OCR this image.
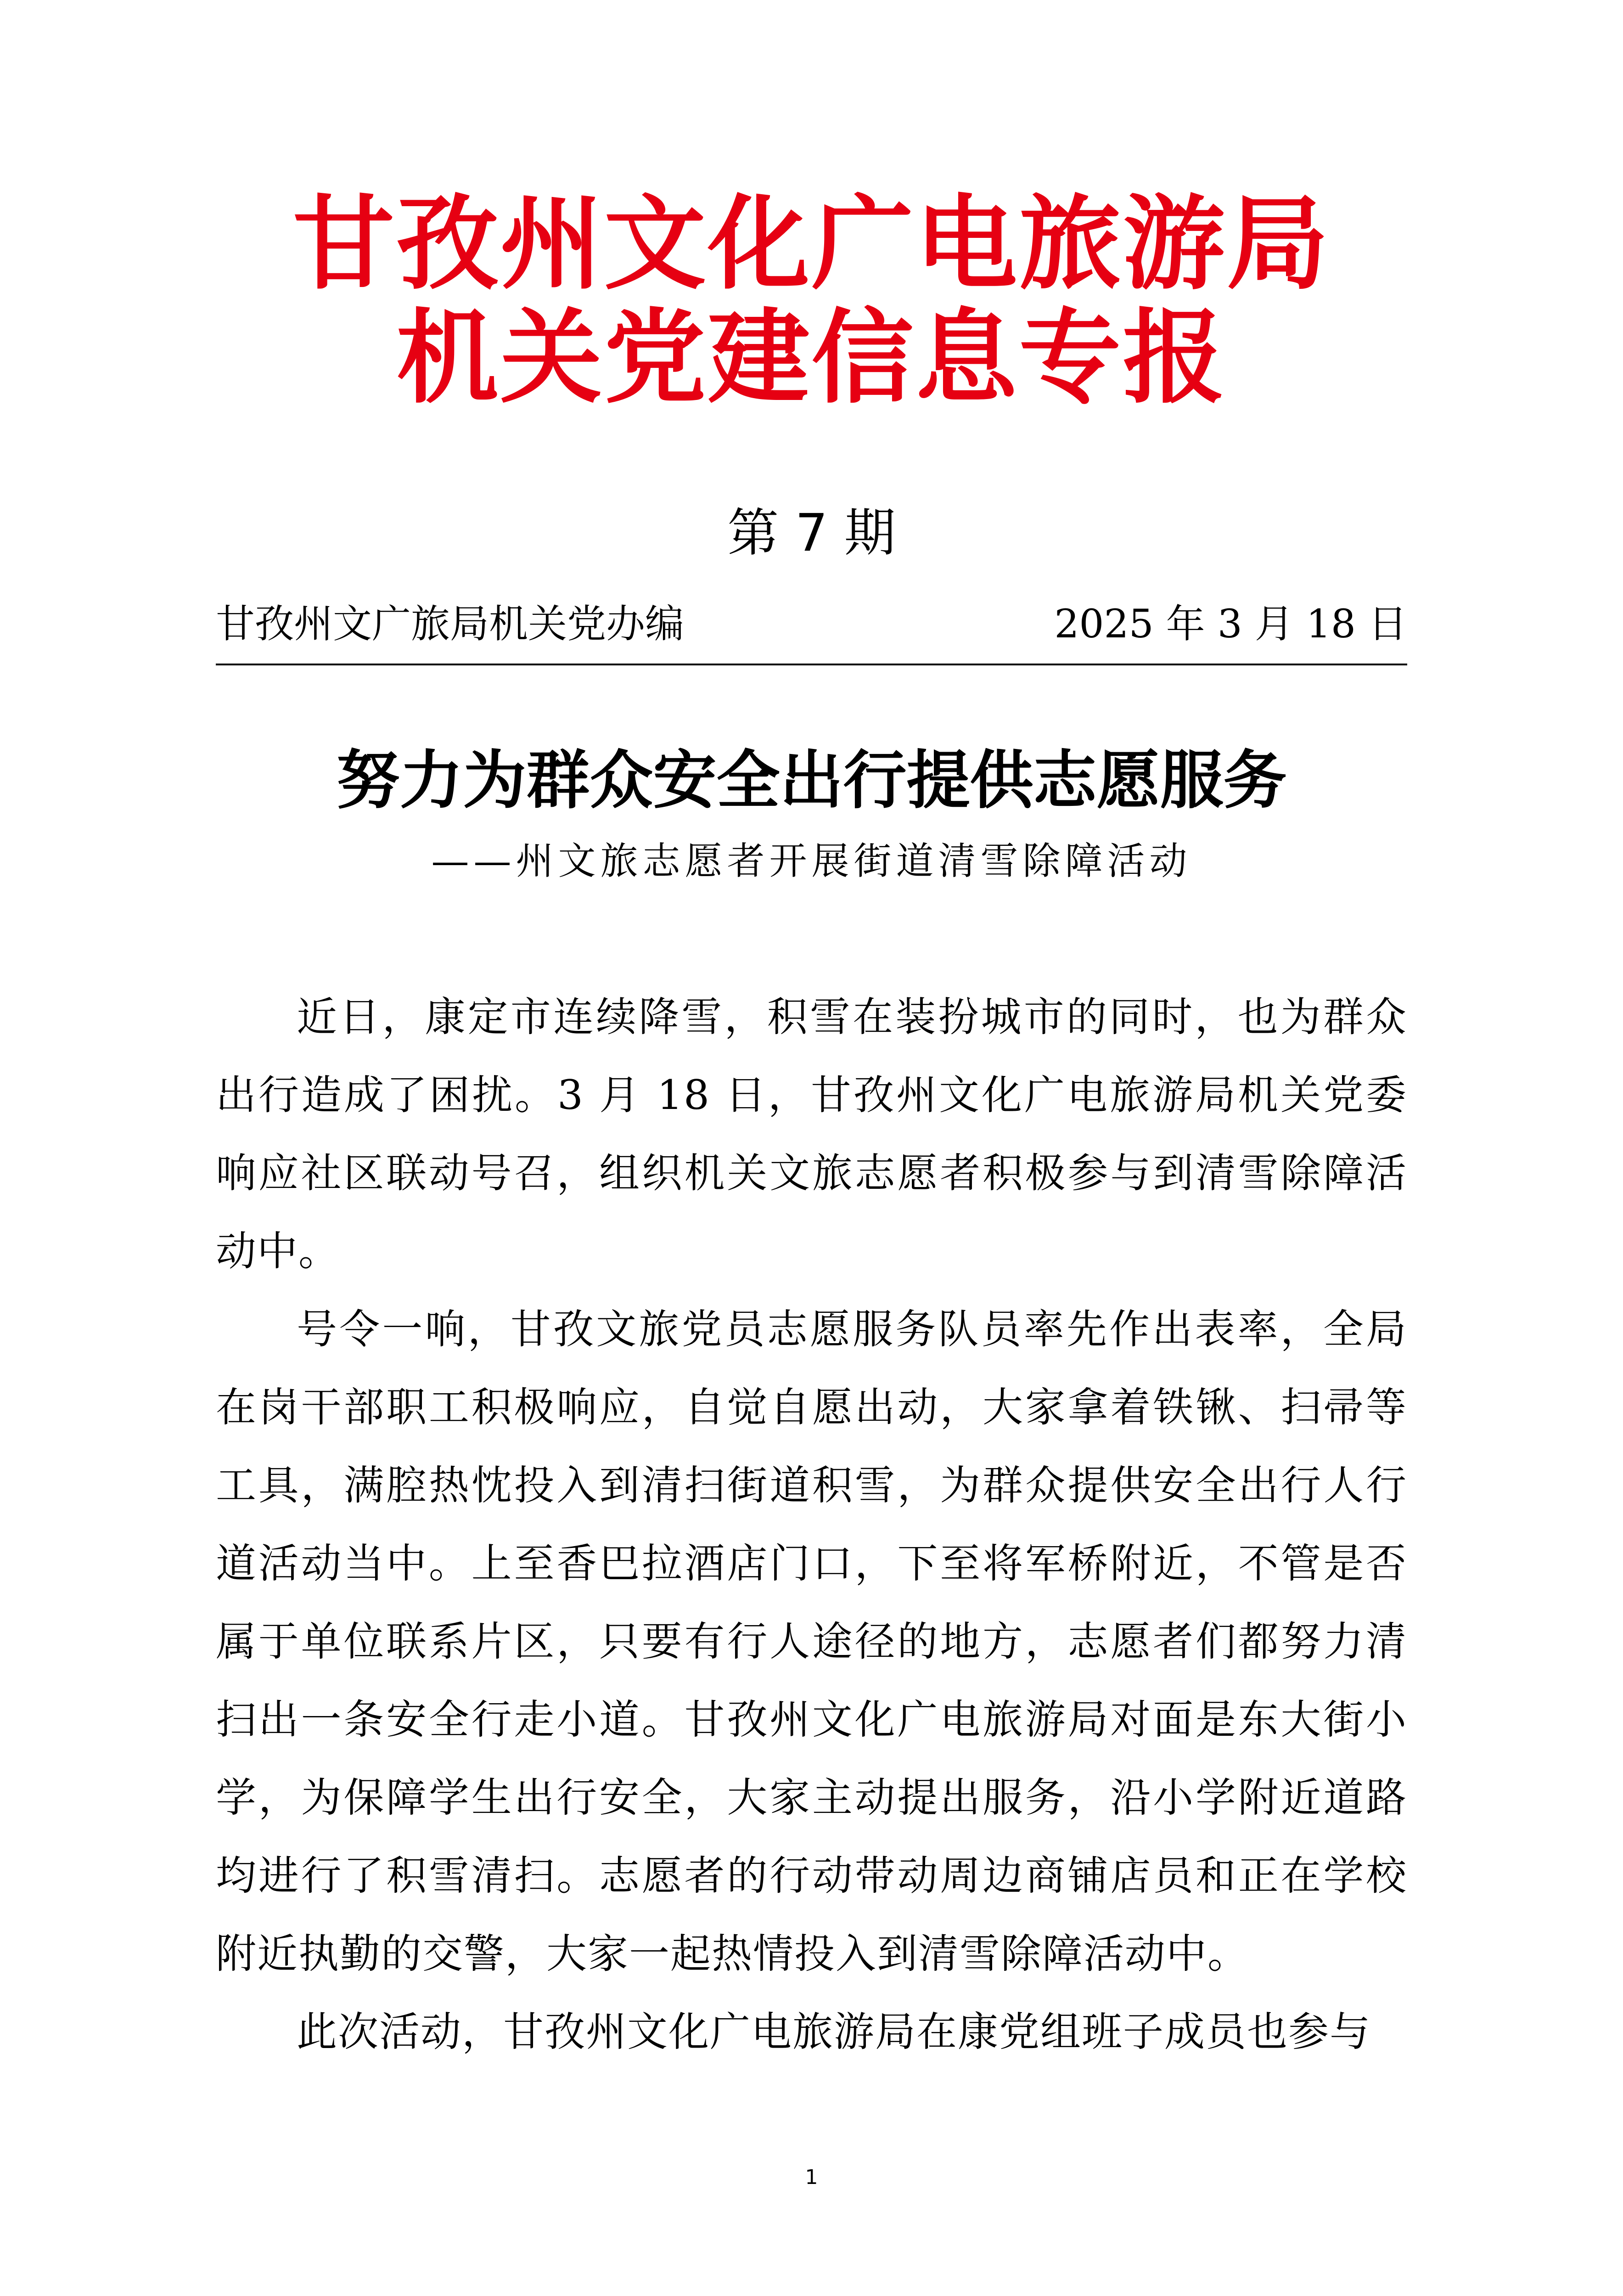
甘孜州文化广电旅游局
机关党建信息专报
第 7 期
甘孜州文广旅局机关党办编	2025 年 3 月 18 日
努力为群众安全出行提供志愿服务
——州文旅志愿者开展街道清雪除障活动

近日，康定市连续降雪，积雪在装扮城市的同时，也为群众出行造成了困扰。3 月 18 日，甘孜州文化广电旅游局机关党委响应社区联动号召，组织机关文旅志愿者积极参与到清雪除障活动中。

号令一响，甘孜文旅党员志愿服务队员率先作出表率，全局在岗干部职工积极响应，自觉自愿出动，大家拿着铁锹、扫帚等工具，满腔热忱投入到清扫街道积雪，为群众提供安全出行人行道活动当中。上至香巴拉酒店门口，下至将军桥附近，不管是否属于单位联系片区，只要有行人途径的地方，志愿者们都努力清扫出一条安全行走小道。甘孜州文化广电旅游局对面是东大街小学，为保障学生出行安全，大家主动提出服务，沿小学附近道路均进行了积雪清扫。志愿者的行动带动周边商铺店员和正在学校附近执勤的交警，大家一起热情投入到清雪除障活动中。

此次活动，甘孜州文化广电旅游局在康党组班子成员也参与

1
